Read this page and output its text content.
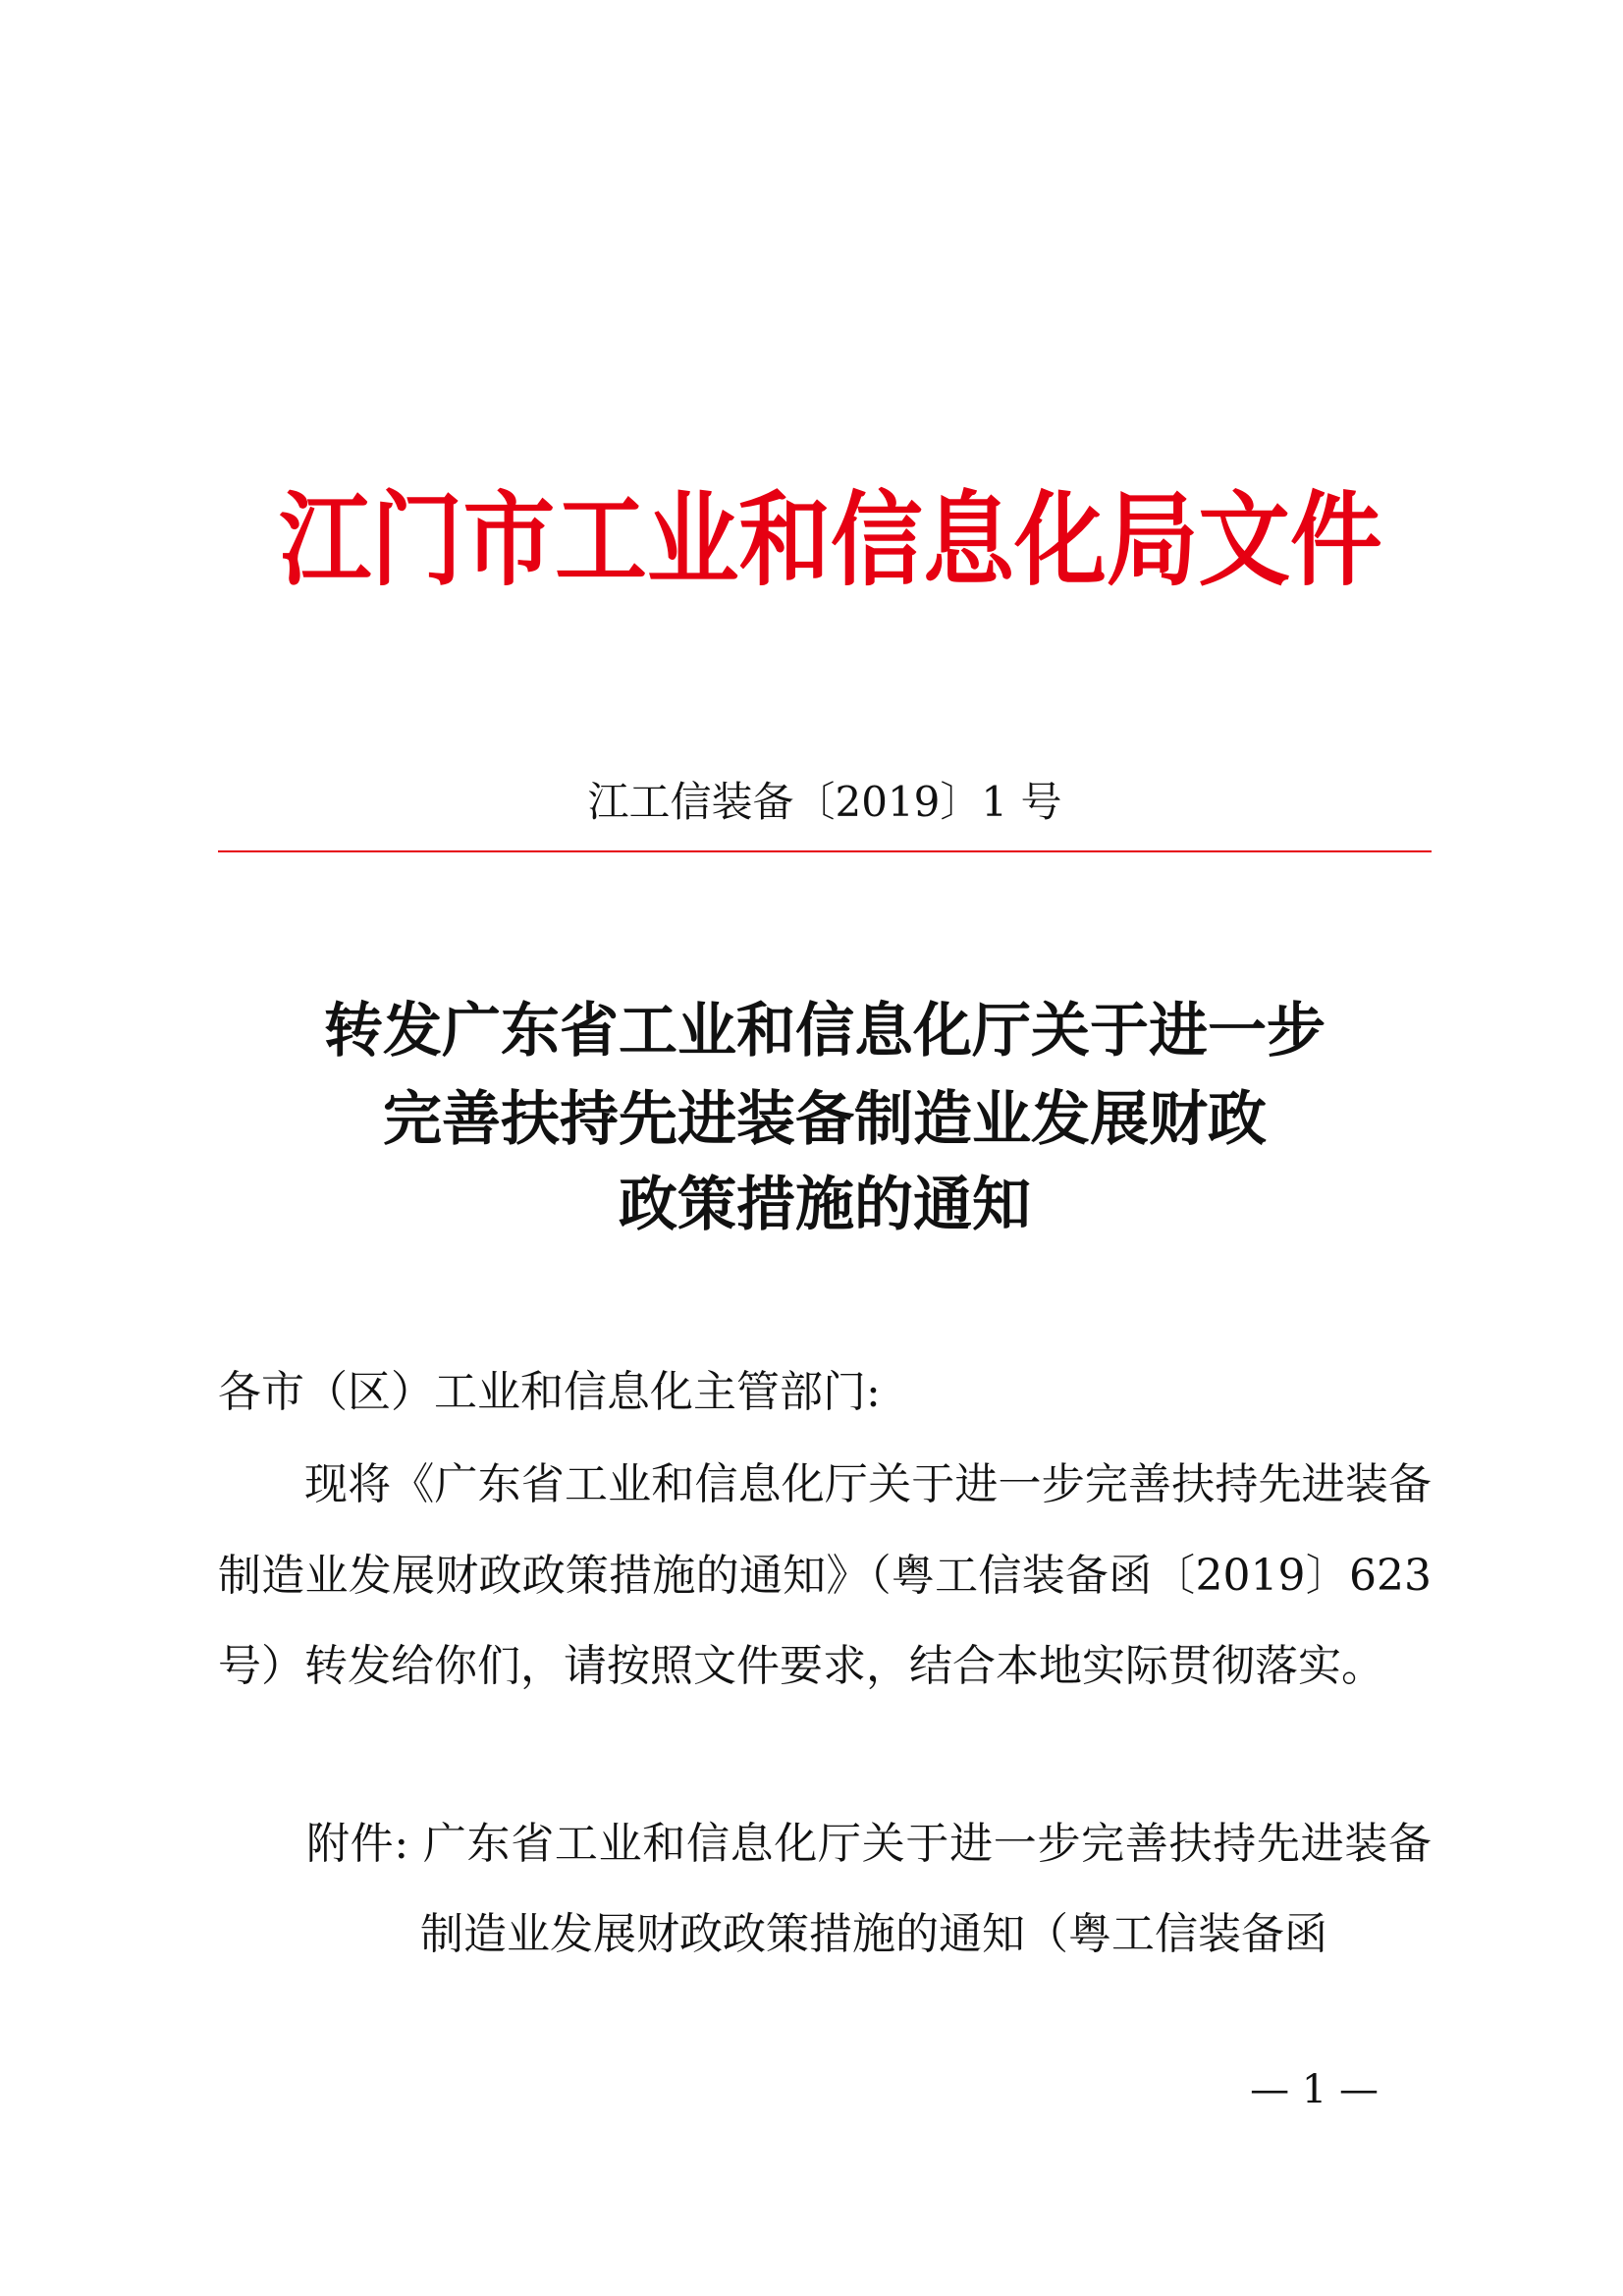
江门市工业和信息化局文件
江工信装备〔2019〕1 号
转发广东省工业和信息化厅关于进一步
完善扶持先进装备制造业发展财政
政策措施的通知
各市（区）工业和信息化主管部门:
现将《广东省工业和信息化厅关于进一步完善扶持先进装备
制造业发展财政政策措施的通知》（粤工信装备函〔2019〕623
号）转发给你们，请按照文件要求，结合本地实际贯彻落实。
附件: 广东省工业和信息化厅关于进一步完善扶持先进装备
制造业发展财政政策措施的通知（粤工信装备函
— 1 —
